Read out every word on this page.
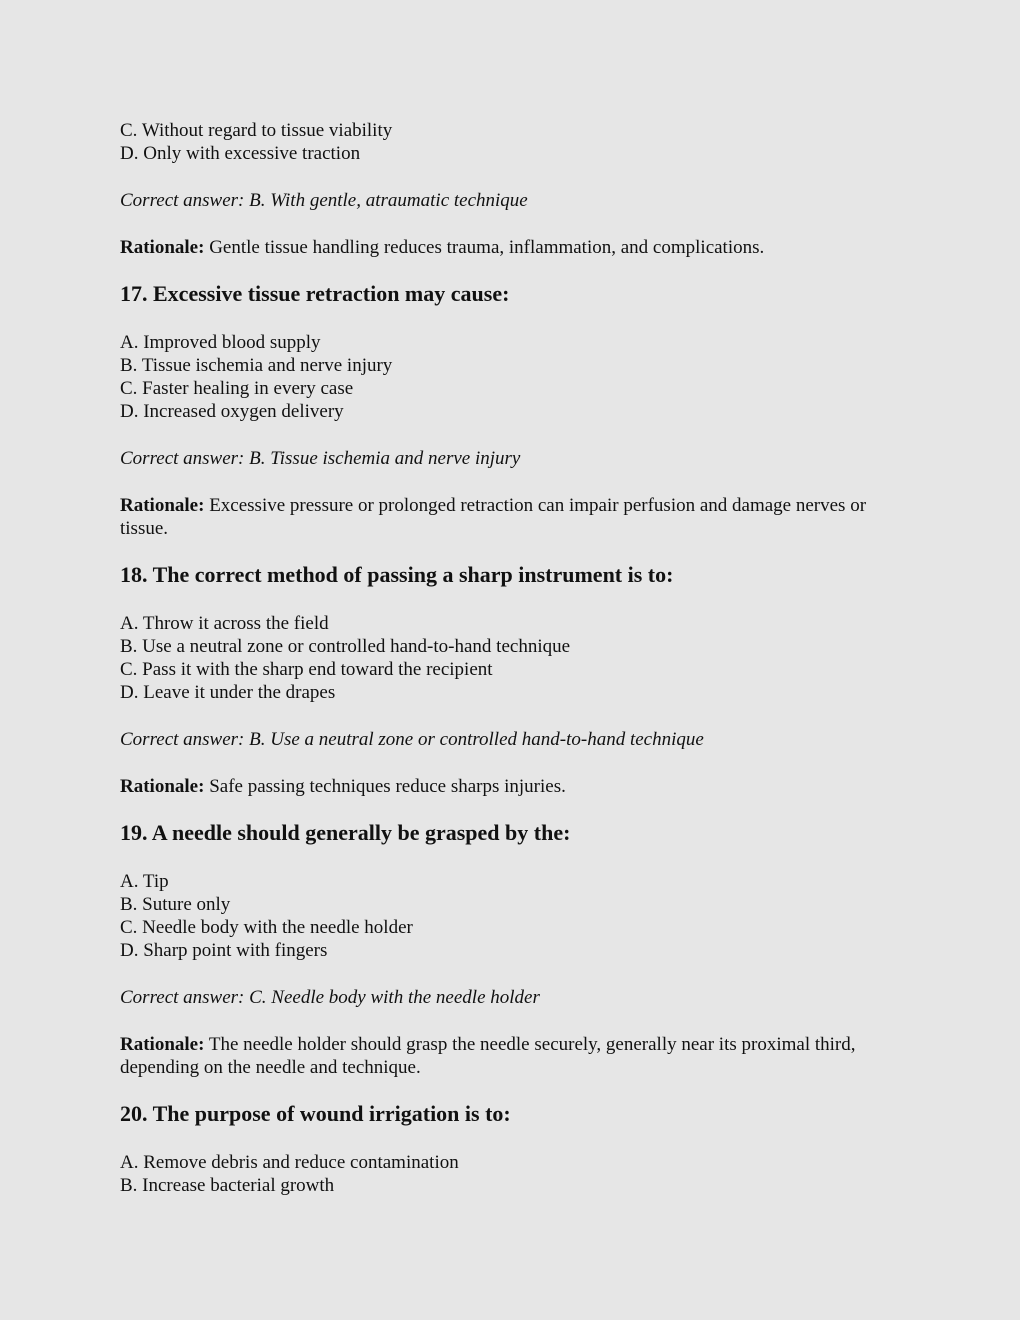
C. Without regard to tissue viability

D. Only with excessive traction

Correct answer: B. With gentle, atraumatic technique

Rationale: Gentle tissue handling reduces trauma, inflammation, and complications.

17. Excessive tissue retraction may cause:

A. Improved blood supply

B. Tissue ischemia and nerve injury

C. Faster healing in every case

D. Increased oxygen delivery

Correct answer: B. Tissue ischemia and nerve injury

Rationale: Excessive pressure or prolonged retraction can impair perfusion and damage nerves or tissue.

18. The correct method of passing a sharp instrument is to:

A. Throw it across the field

B. Use a neutral zone or controlled hand-to-hand technique

C. Pass it with the sharp end toward the recipient

D. Leave it under the drapes

Correct answer: B. Use a neutral zone or controlled hand-to-hand technique

Rationale: Safe passing techniques reduce sharps injuries.

19. A needle should generally be grasped by the:

A. Tip

B. Suture only

C. Needle body with the needle holder

D. Sharp point with fingers

Correct answer: C. Needle body with the needle holder

Rationale: The needle holder should grasp the needle securely, generally near its proximal third, depending on the needle and technique.

20. The purpose of wound irrigation is to:

A. Remove debris and reduce contamination

B. Increase bacterial growth
